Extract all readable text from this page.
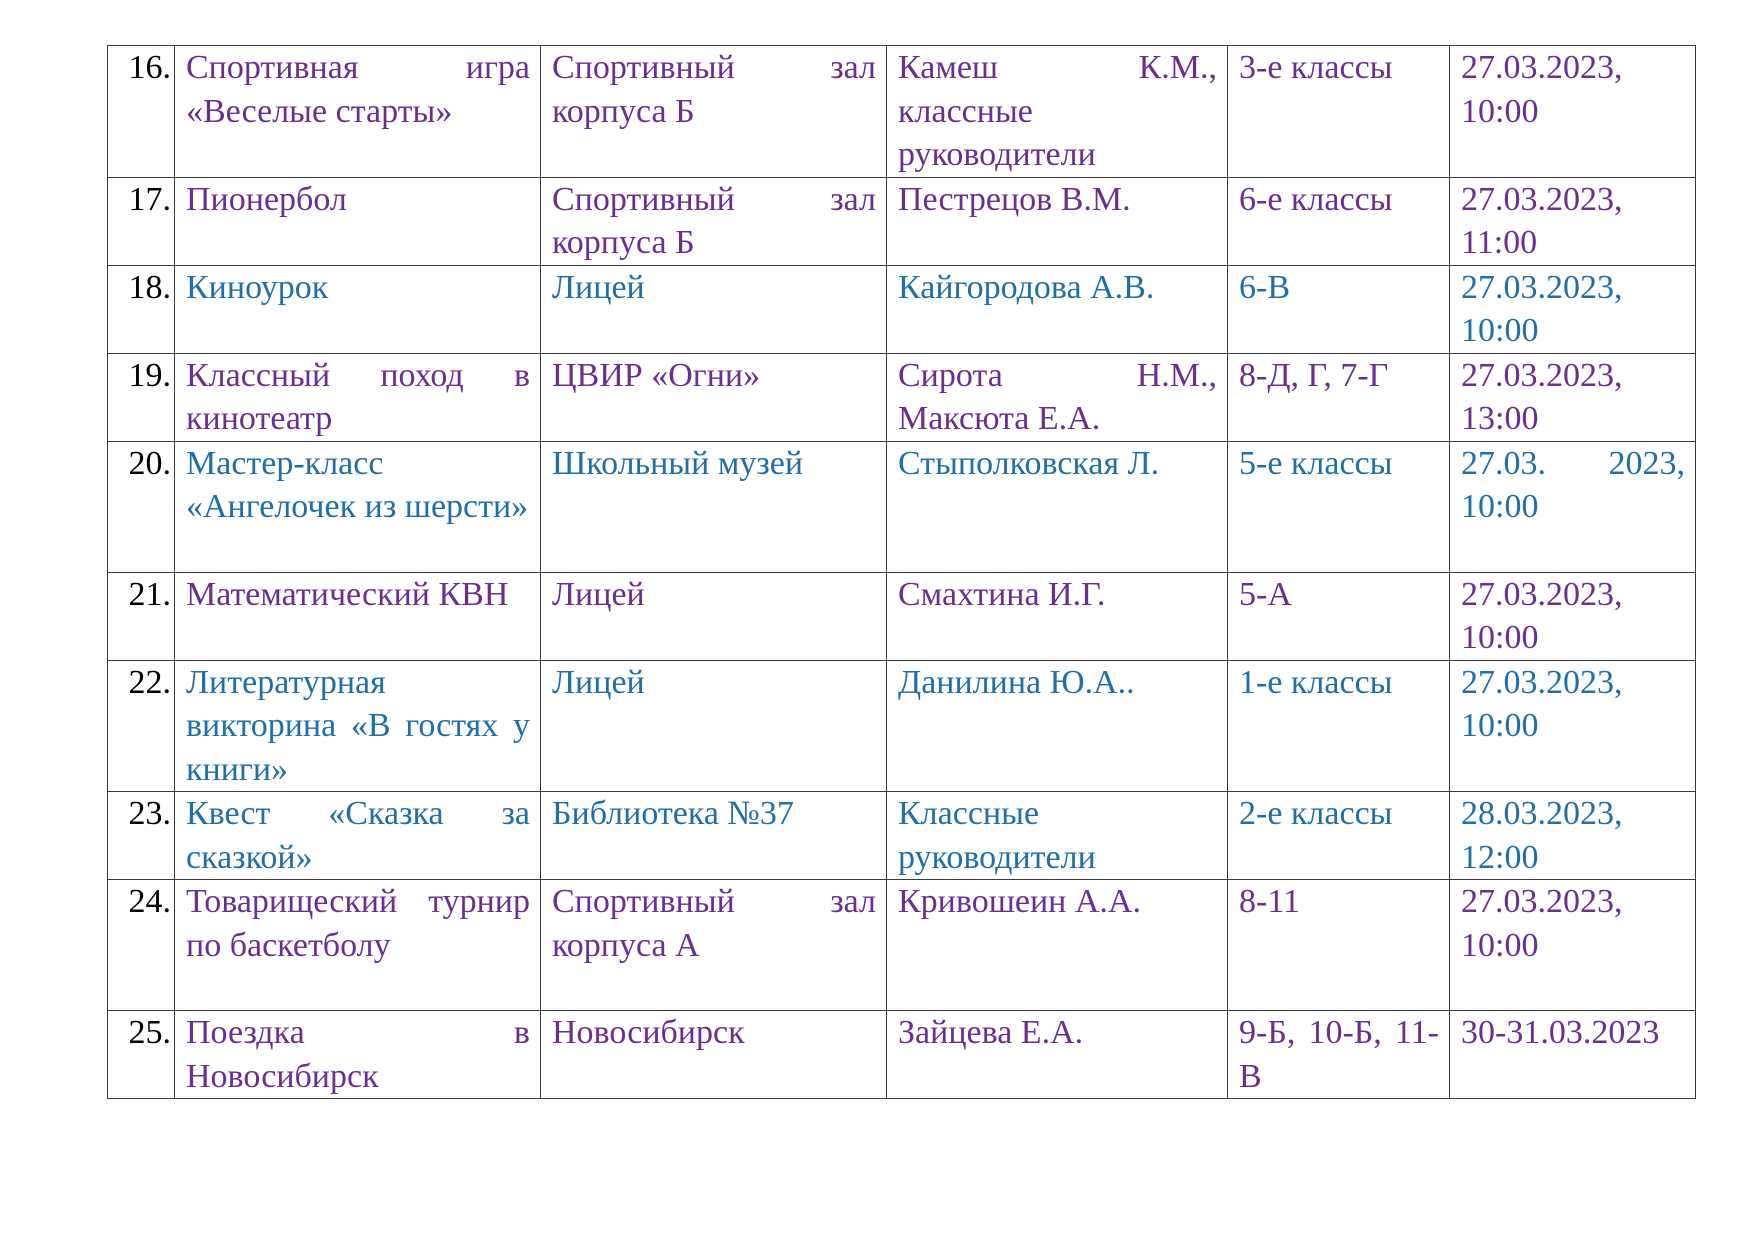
16.	Спортивная игра «Веселые старты»	Спортивный зал корпуса Б	Камеш К.М., классные руководители	3-е классы	27.03.2023, 10:00
17.	Пионербол	Спортивный зал корпуса Б	Пестрецов В.М.	6-е классы	27.03.2023, 11:00
18.	Киноурок	Лицей	Кайгородова А.В.	6-В	27.03.2023, 10:00
19.	Классный поход в кинотеатр	ЦВИР «Огни»	Сирота Н.М., Максюта Е.А.	8-Д, Г, 7-Г	27.03.2023, 13:00
20.	Мастер-класс «Ангелочек из шерсти»	Школьный музей	Стыполковская Л.	5-е классы	27.03. 2023, 10:00
21.	Математический КВН	Лицей	Смахтина И.Г.	5-А	27.03.2023, 10:00
22.	Литературная викторина «В гостях у книги»	Лицей	Данилина Ю.А..	1-е классы	27.03.2023, 10:00
23.	Квест «Сказка за сказкой»	Библиотека №37	Классные руководители	2-е классы	28.03.2023, 12:00
24.	Товарищеский турнир по баскетболу	Спортивный зал корпуса А	Кривошеин А.А.	8-11	27.03.2023, 10:00
25.	Поездка в Новосибирск	Новосибирск	Зайцева Е.А.	9-Б, 10-Б, 11-В	30-31.03.2023
